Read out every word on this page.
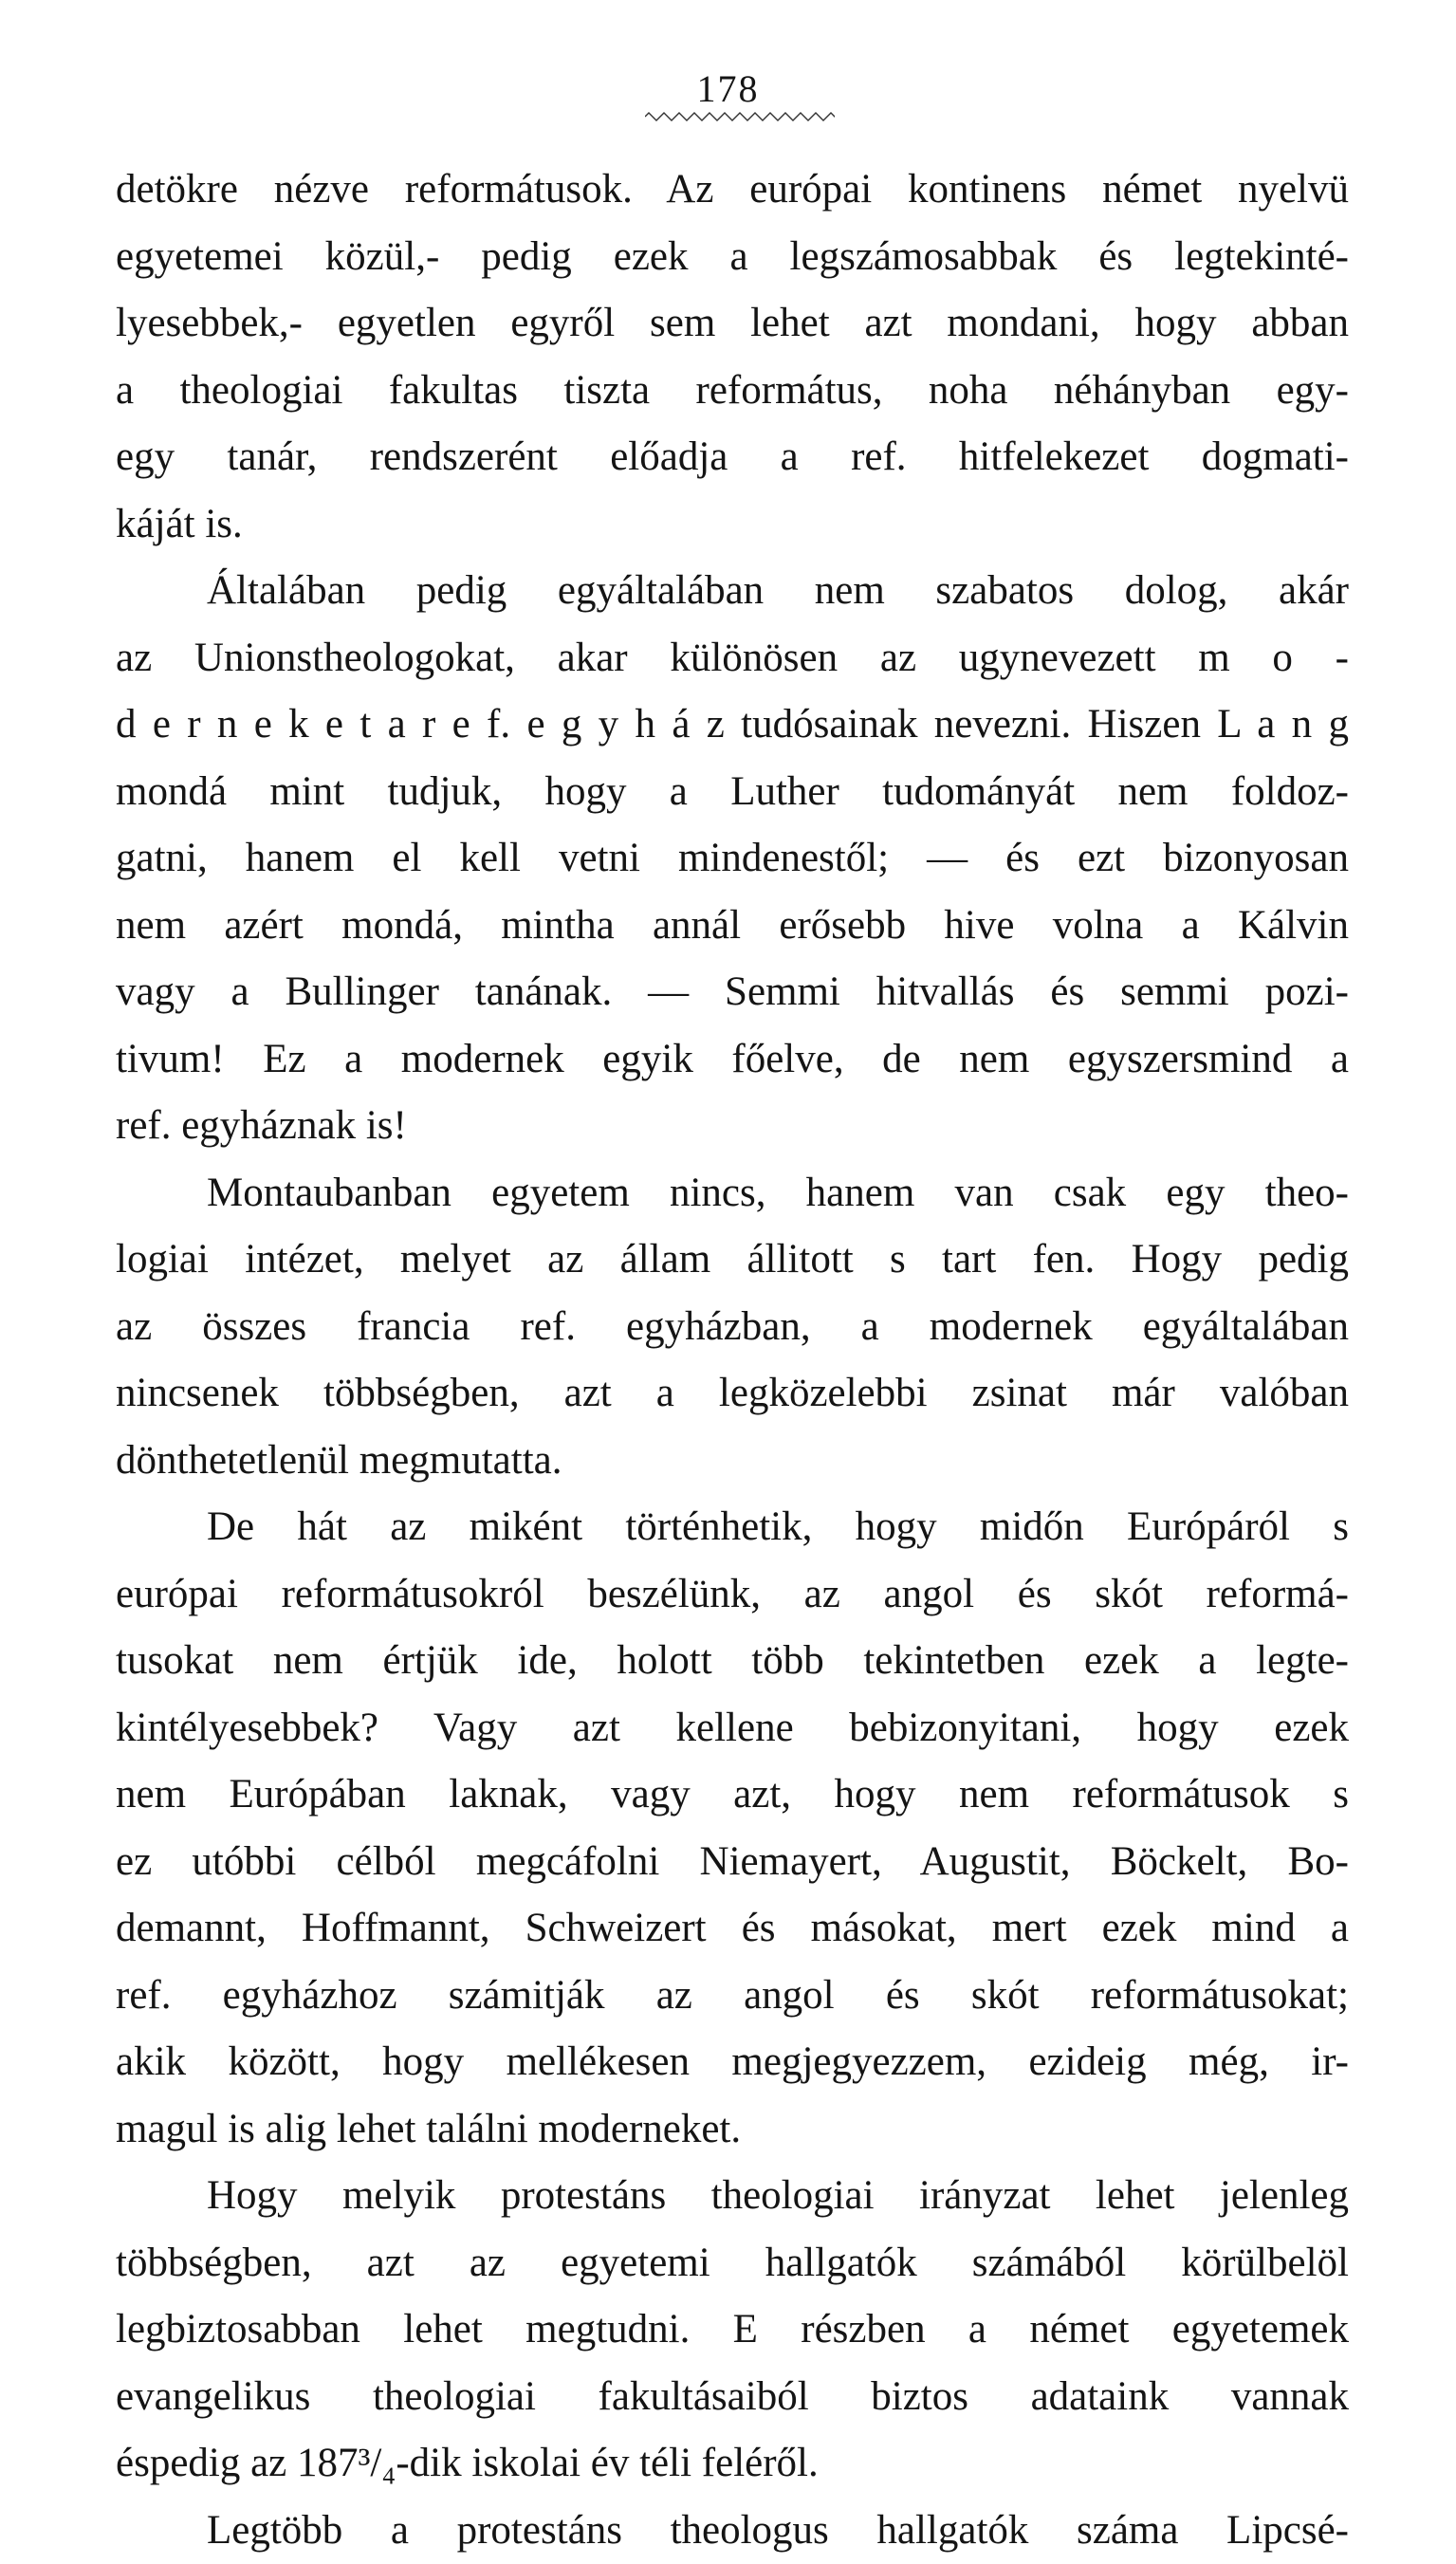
178
detökre nézve reformátusok. Az európai kontinens német nyelvü
egyetemei közül,- pedig ezek a legszámosabbak és legtekinté-
lyesebbek,- egyetlen egyről sem lehet azt mondani, hogy abban
a theologiai fakultas tiszta református, noha néhányban egy-
egy tanár, rendszerént előadja a ref. hitfelekezet dogmati-
káját is.
Általában pedig egyáltalában nem szabatos dolog, akár
az Unionstheologokat, akar különösen az ugynevezett m o -
d e r n e k e t a r e f. e g y h á z tudósainak nevezni. Hiszen L a n g
mondá mint tudjuk, hogy a Luther tudományát nem foldoz-
gatni, hanem el kell vetni mindenestől; — és ezt bizonyosan
nem azért mondá, mintha annál erősebb hive volna a Kálvin
vagy a Bullinger tanának. — Semmi hitvallás és semmi pozi-
tivum! Ez a modernek egyik főelve, de nem egyszersmind a
ref. egyháznak is!
Montaubanban egyetem nincs, hanem van csak egy theo-
logiai intézet, melyet az állam állitott s tart fen. Hogy pedig
az összes francia ref. egyházban, a modernek egyáltalában
nincsenek többségben, azt a legközelebbi zsinat már valóban
dönthetetlenül megmutatta.
De hát az miként történhetik, hogy midőn Európáról s
európai reformátusokról beszélünk, az angol és skót reformá-
tusokat nem értjük ide, holott több tekintetben ezek a legte-
kintélyesebbek? Vagy azt kellene bebizonyitani, hogy ezek
nem Európában laknak, vagy azt, hogy nem reformátusok s
ez utóbbi célból megcáfolni Niemayert, Augustit, Böckelt, Bo-
demannt, Hoffmannt, Schweizert és másokat, mert ezek mind a
ref. egyházhoz számitják az angol és skót reformátusokat;
akik között, hogy mellékesen megjegyezzem, ezideig még, ir-
magul is alig lehet találni moderneket.
Hogy melyik protestáns theologiai irányzat lehet jelenleg
többségben, azt az egyetemi hallgatók számából körülbelöl
legbiztosabban lehet megtudni. E részben a német egyetemek
evangelikus theologiai fakultásaiból biztos adataink vannak
éspedig az 187³/₄-dik iskolai év téli feléről.
Legtöbb a protestáns theologus hallgatók száma Lipcsé-
